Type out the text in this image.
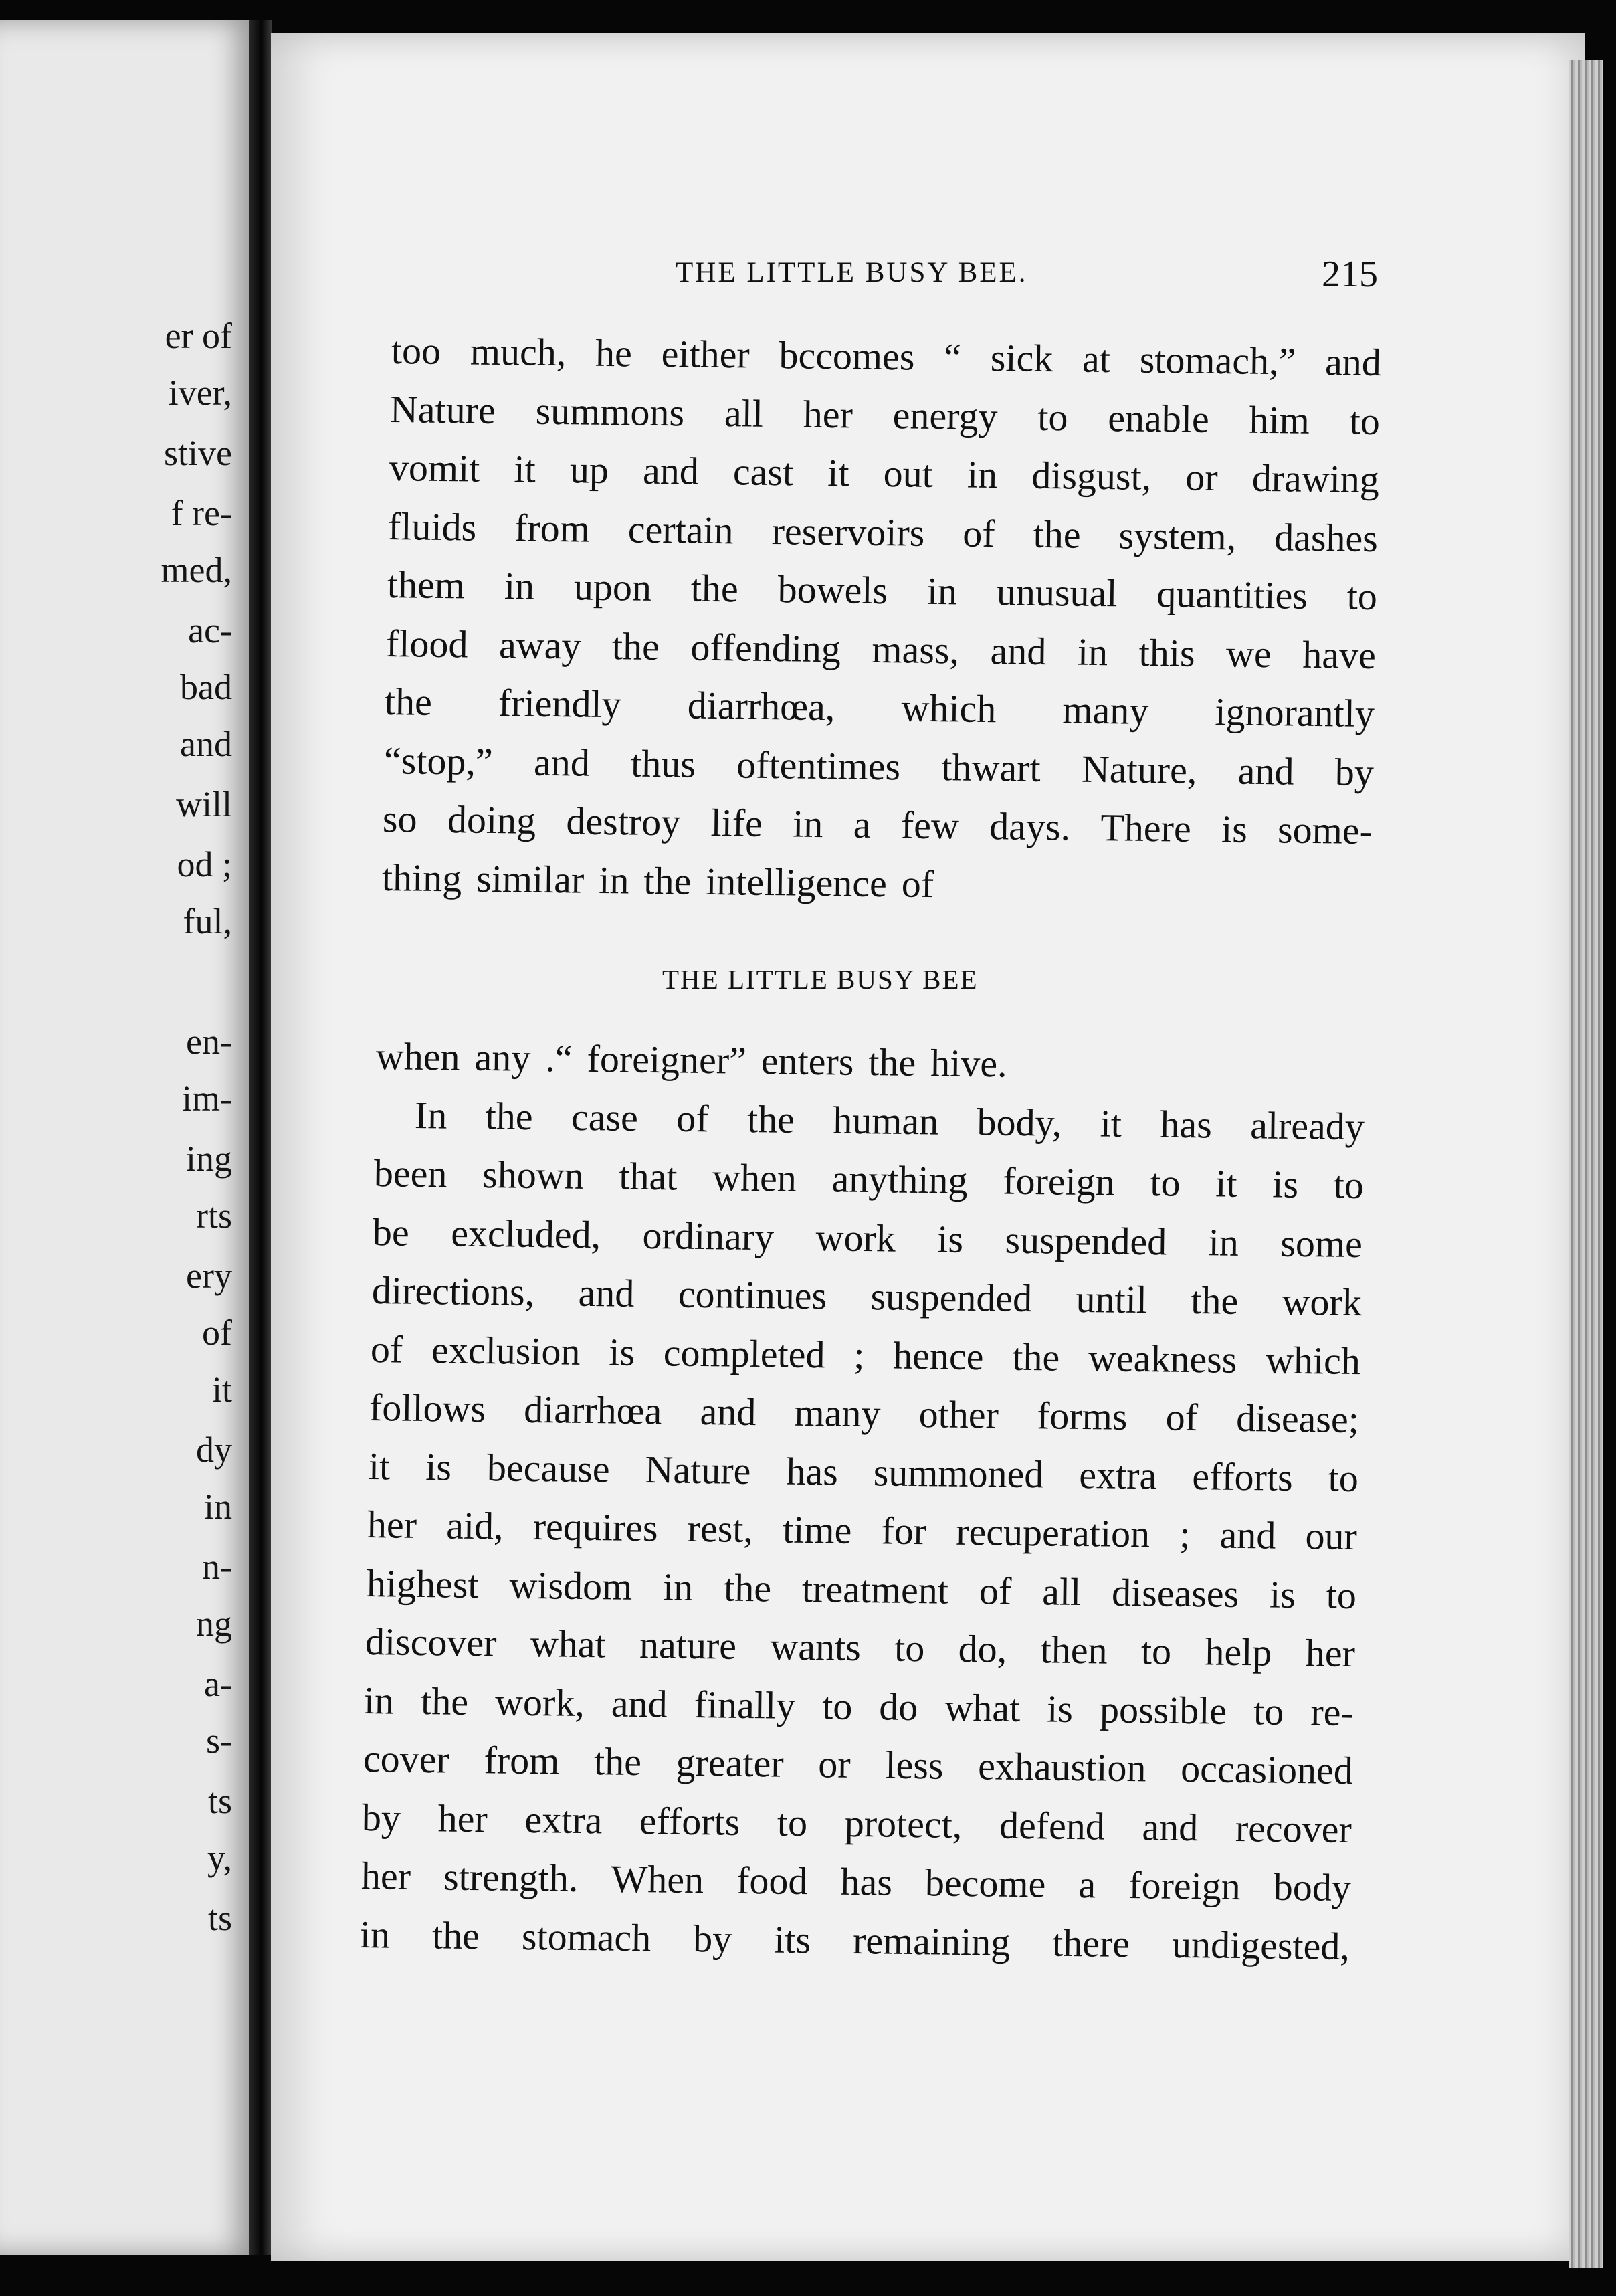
er of
iver,
stive
f re-
med,
ac-
bad
and
will
od ;
ful,
en-
im-
ing
rts
ery
of
it
dy
in
n-
ng
a-
s-
ts
y,
ts
THE LITTLE BUSY BEE.	215
too much, he either bccomes “ sick at stomach,” and
Nature summons all her energy to enable him to
vomit it up and cast it out in disgust, or drawing
fluids from certain reservoirs of the system, dashes
them in upon the bowels in unusual quantities to
flood away the offending mass, and in this we have
the friendly diarrhœa, which many ignorantly
“stop,” and thus oftentimes thwart Nature, and by
so doing destroy life in a few days. There is some-
thing similar in the intelligence of
THE LITTLE BUSY BEE
when any .“ foreigner” enters the hive.
In the case of the human body, it has already
been shown that when anything foreign to it is to
be excluded, ordinary work is suspended in some
directions, and continues suspended until the work
of exclusion is completed ; hence the weakness which
follows diarrhœa and many other forms of disease;
it is because Nature has summoned extra efforts to
her aid, requires rest, time for recuperation ; and our
highest wisdom in the treatment of all diseases is to
discover what nature wants to do, then to help her
in the work, and finally to do what is possible to re-
cover from the greater or less exhaustion occasioned
by her extra efforts to protect, defend and recover
her strength. When food has become a foreign body
in the stomach by its remaining there undigested,
